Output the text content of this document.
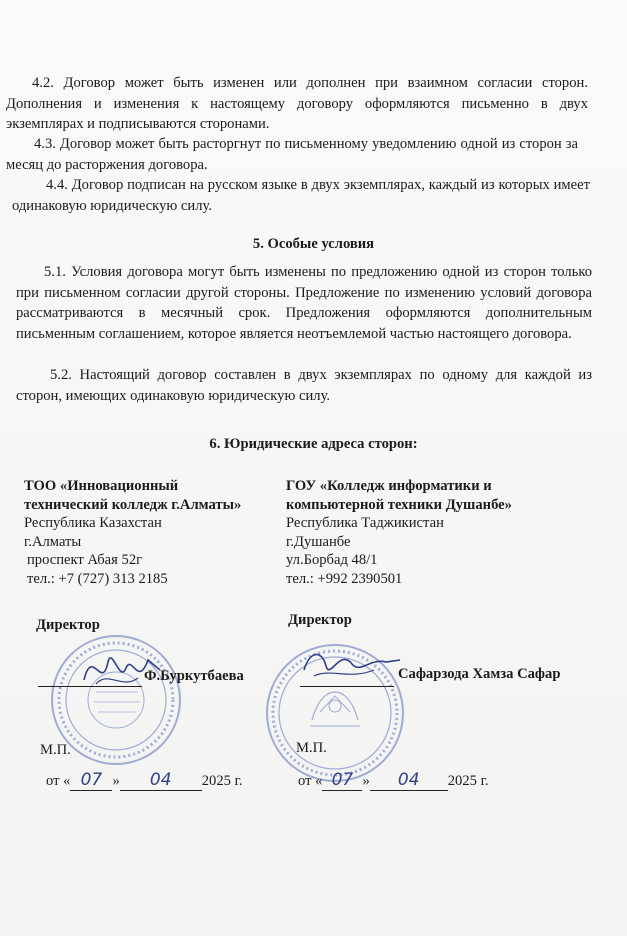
4.2. Договор может быть изменен или дополнен при взаимном согласии сторон. Дополнения и изменения к настоящему договору оформляются письменно в двух экземплярах и подписываются сторонами.
4.3. Договор может быть расторгнут по письменному уведомлению одной из сторон за месяц до расторжения договора.
4.4. Договор подписан на русском языке в двух экземплярах, каждый из которых имеет одинаковую юридическую силу.
5. Особые условия
5.1. Условия договора могут быть изменены по предложению одной из сторон только при письменном согласии другой стороны. Предложение по изменению условий договора рассматриваются в месячный срок. Предложения оформляются дополнительным письменным соглашением, которое является неотъемлемой частью настоящего договора.
5.2. Настоящий договор составлен в двух экземплярах по одному для каждой из сторон, имеющих одинаковую юридическую силу.
6. Юридические адреса сторон:
ТОО «Инновационный
технический колледж г.Алматы»
Республика Казахстан
г.Алматы
проспект Абая 52г
тел.: +7 (727) 313 2185
ГОУ «Колледж информатики и
компьютерной техники Душанбе»
Республика Таджикистан
г.Душанбе
ул.Борбад 48/1
тел.: +992 2390501
Директор
Ф.Буркутбаева
М.П.
от « 07 » 04 2025 г.
Директор
Сафарзода Хамза Сафар
М.П.
от « 07 » 04 2025 г.
